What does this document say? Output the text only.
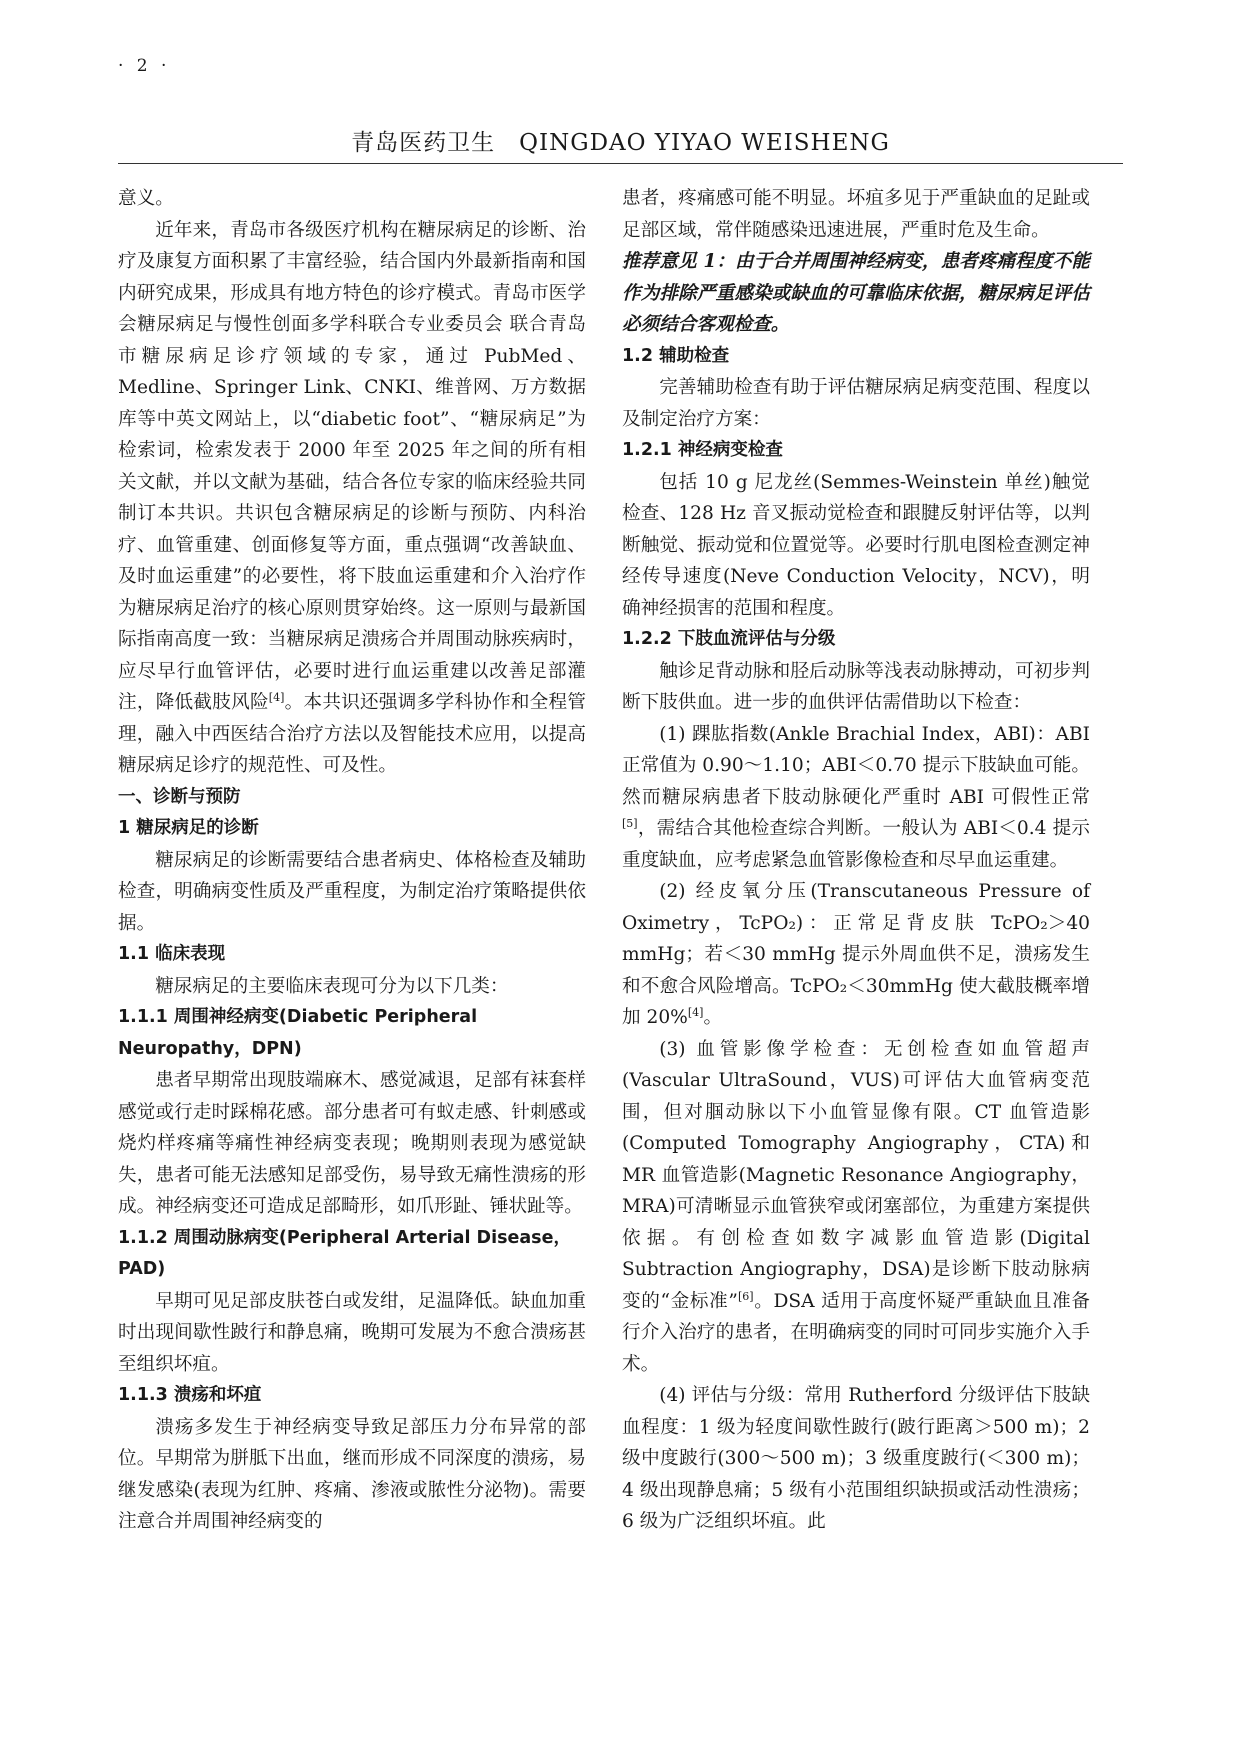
· 2 ·
青岛医药卫生　QINGDAO YIYAO WEISHENG

意义。

近年来，青岛市各级医疗机构在糖尿病足的诊断、治疗及康复方面积累了丰富经验，结合国内外最新指南和国内研究成果，形成具有地方特色的诊疗模式。青岛市医学会糖尿病足与慢性创面多学科联合专业委员会 联合青岛市糖尿病足诊疗领域的专家，通过 PubMed、Medline、Springer Link、CNKI、维普网、万方数据库等中英文网站上，以“diabetic foot”、“糖尿病足”为检索词，检索发表于 2000 年至 2025 年之间的所有相关文献，并以文献为基础，结合各位专家的临床经验共同制订本共识。共识包含糖尿病足的诊断与预防、内科治疗、血管重建、创面修复等方面，重点强调“改善缺血、及时血运重建”的必要性，将下肢血运重建和介入治疗作为糖尿病足治疗的核心原则贯穿始终。这一原则与最新国际指南高度一致：当糖尿病足溃疡合并周围动脉疾病时，应尽早行血管评估，必要时进行血运重建以改善足部灌注，降低截肢风险[4]。本共识还强调多学科协作和全程管理，融入中西医结合治疗方法以及智能技术应用，以提高糖尿病足诊疗的规范性、可及性。

一、诊断与预防
1 糖尿病足的诊断

糖尿病足的诊断需要结合患者病史、体格检查及辅助检查，明确病变性质及严重程度，为制定治疗策略提供依据。

1.1 临床表现

糖尿病足的主要临床表现可分为以下几类：

1.1.1 周围神经病变(Diabetic Peripheral Neuropathy，DPN)

患者早期常出现肢端麻木、感觉减退，足部有袜套样感觉或行走时踩棉花感。部分患者可有蚁走感、针刺感或烧灼样疼痛等痛性神经病变表现；晚期则表现为感觉缺失，患者可能无法感知足部受伤，易导致无痛性溃疡的形成。神经病变还可造成足部畸形，如爪形趾、锤状趾等。

1.1.2 周围动脉病变(Peripheral Arterial Disease，PAD)

早期可见足部皮肤苍白或发绀，足温降低。缺血加重时出现间歇性跛行和静息痛，晚期可发展为不愈合溃疡甚至组织坏疽。

1.1.3 溃疡和坏疽

溃疡多发生于神经病变导致足部压力分布异常的部位。早期常为胼胝下出血，继而形成不同深度的溃疡，易继发感染(表现为红肿、疼痛、渗液或脓性分泌物)。需要注意合并周围神经病变的

患者，疼痛感可能不明显。坏疽多见于严重缺血的足趾或足部区域，常伴随感染迅速进展，严重时危及生命。

推荐意见 1：由于合并周围神经病变，患者疼痛程度不能作为排除严重感染或缺血的可靠临床依据，糖尿病足评估必须结合客观检查。

1.2 辅助检查

完善辅助检查有助于评估糖尿病足病变范围、程度以及制定治疗方案：

1.2.1 神经病变检查

包括 10 g 尼龙丝(Semmes-Weinstein 单丝)触觉检查、128 Hz 音叉振动觉检查和跟腱反射评估等，以判断触觉、振动觉和位置觉等。必要时行肌电图检查测定神经传导速度(Neve Conduction Velocity，NCV)，明确神经损害的范围和程度。

1.2.2 下肢血流评估与分级

触诊足背动脉和胫后动脉等浅表动脉搏动，可初步判断下肢供血。进一步的血供评估需借助以下检查：

(1) 踝肱指数(Ankle Brachial Index，ABI)：ABI 正常值为 0.90～1.10；ABI＜0.70 提示下肢缺血可能。然而糖尿病患者下肢动脉硬化严重时 ABI 可假性正常[5]，需结合其他检查综合判断。一般认为 ABI＜0.4 提示重度缺血，应考虑紧急血管影像检查和尽早血运重建。

(2) 经皮氧分压(Transcutaneous Pressure of Oximetry，TcPO₂)：正常足背皮肤 TcPO₂＞40 mmHg；若＜30 mmHg 提示外周血供不足，溃疡发生和不愈合风险增高。TcPO₂＜30mmHg 使大截肢概率增加 20%[4]。

(3) 血管影像学检查：无创检查如血管超声(Vascular UltraSound，VUS)可评估大血管病变范围，但对腘动脉以下小血管显像有限。CT 血管造影(Computed Tomography Angiography，CTA)和 MR 血管造影(Magnetic Resonance Angiography，MRA)可清晰显示血管狭窄或闭塞部位，为重建方案提供依据。有创检查如数字减影血管造影(Digital Subtraction Angiography，DSA)是诊断下肢动脉病变的“金标准”[6]。DSA 适用于高度怀疑严重缺血且准备行介入治疗的患者，在明确病变的同时可同步实施介入手术。

(4) 评估与分级：常用 Rutherford 分级评估下肢缺血程度：1 级为轻度间歇性跛行(跛行距离＞500 m)；2 级中度跛行(300～500 m)；3 级重度跛行(＜300 m)；4 级出现静息痛；5 级有小范围组织缺损或活动性溃疡；6 级为广泛组织坏疽。此
